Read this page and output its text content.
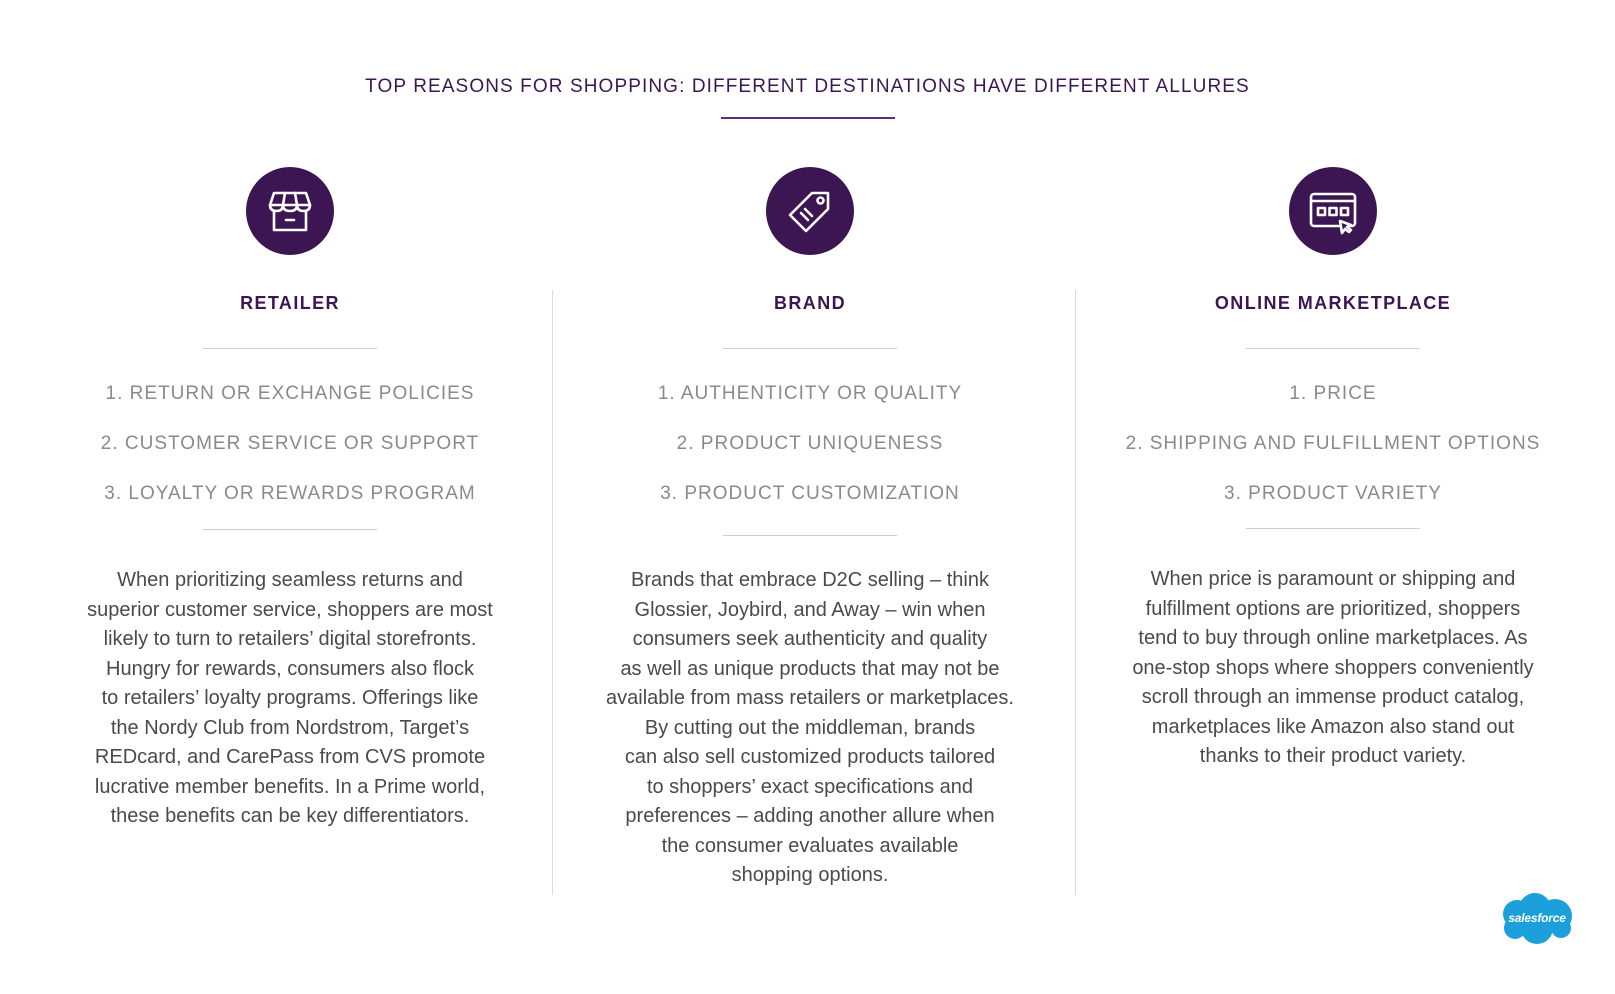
TOP REASONS FOR SHOPPING: DIFFERENT DESTINATIONS HAVE DIFFERENT ALLURES
RETAILER
1. RETURN OR EXCHANGE POLICIES
2. CUSTOMER SERVICE OR SUPPORT
3. LOYALTY OR REWARDS PROGRAM
When prioritizing seamless returns and
superior customer service, shoppers are most
likely to turn to retailers’ digital storefronts.
Hungry for rewards, consumers also flock
to retailers’ loyalty programs. Offerings like
the Nordy Club from Nordstrom, Target’s
REDcard, and CarePass from CVS promote
lucrative member benefits. In a Prime world,
these benefits can be key differentiators.
BRAND
1. AUTHENTICITY OR QUALITY
2. PRODUCT UNIQUENESS
3. PRODUCT CUSTOMIZATION
Brands that embrace D2C selling – think
Glossier, Joybird, and Away – win when
consumers seek authenticity and quality
as well as unique products that may not be
available from mass retailers or marketplaces.
By cutting out the middleman, brands
can also sell customized products tailored
to shoppers’ exact specifications and
preferences – adding another allure when
the consumer evaluates available
shopping options.
ONLINE MARKETPLACE
1. PRICE
2. SHIPPING AND FULFILLMENT OPTIONS
3. PRODUCT VARIETY
When price is paramount or shipping and
fulfillment options are prioritized, shoppers
tend to buy through online marketplaces. As
one-stop shops where shoppers conveniently
scroll through an immense product catalog,
marketplaces like Amazon also stand out
thanks to their product variety.
salesforce
